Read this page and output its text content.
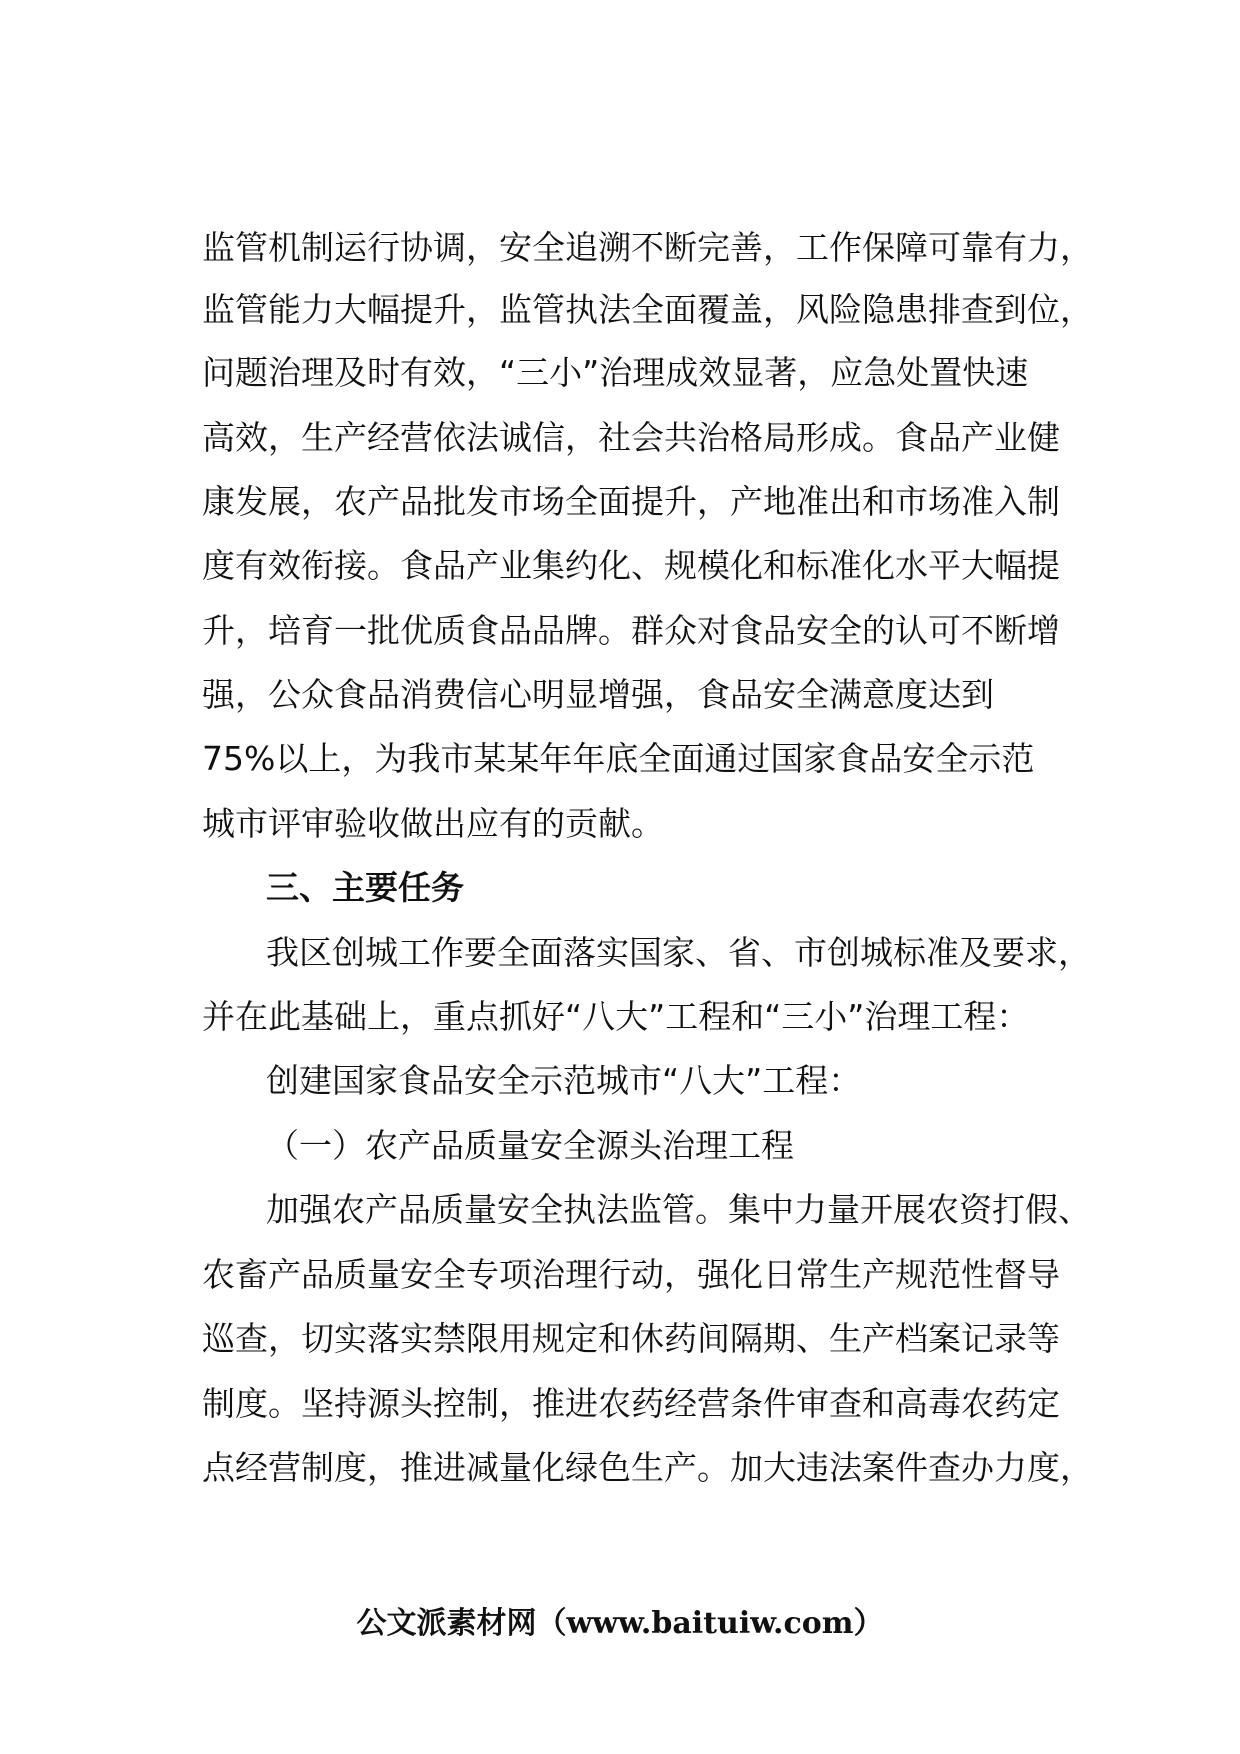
监管机制运行协调，安全追溯不断完善，工作保障可靠有力，
监管能力大幅提升，监管执法全面覆盖，风险隐患排查到位，
问题治理及时有效，“三小”治理成效显著，应急处置快速
高效，生产经营依法诚信，社会共治格局形成。食品产业健
康发展，农产品批发市场全面提升，产地准出和市场准入制
度有效衔接。食品产业集约化、规模化和标准化水平大幅提
升，培育一批优质食品品牌。群众对食品安全的认可不断增
强，公众食品消费信心明显增强，食品安全满意度达到
75%以上，为我市某某年年底全面通过国家食品安全示范
城市评审验收做出应有的贡献。
三、主要任务
我区创城工作要全面落实国家、省、市创城标准及要求，
并在此基础上，重点抓好“八大”工程和“三小”治理工程：
创建国家食品安全示范城市“八大”工程：
（一）农产品质量安全源头治理工程
加强农产品质量安全执法监管。集中力量开展农资打假、
农畜产品质量安全专项治理行动，强化日常生产规范性督导
巡查，切实落实禁限用规定和休药间隔期、生产档案记录等
制度。坚持源头控制，推进农药经营条件审查和高毒农药定
点经营制度，推进减量化绿色生产。加大违法案件查办力度，
公文派素材网（www.baituiw.com）
